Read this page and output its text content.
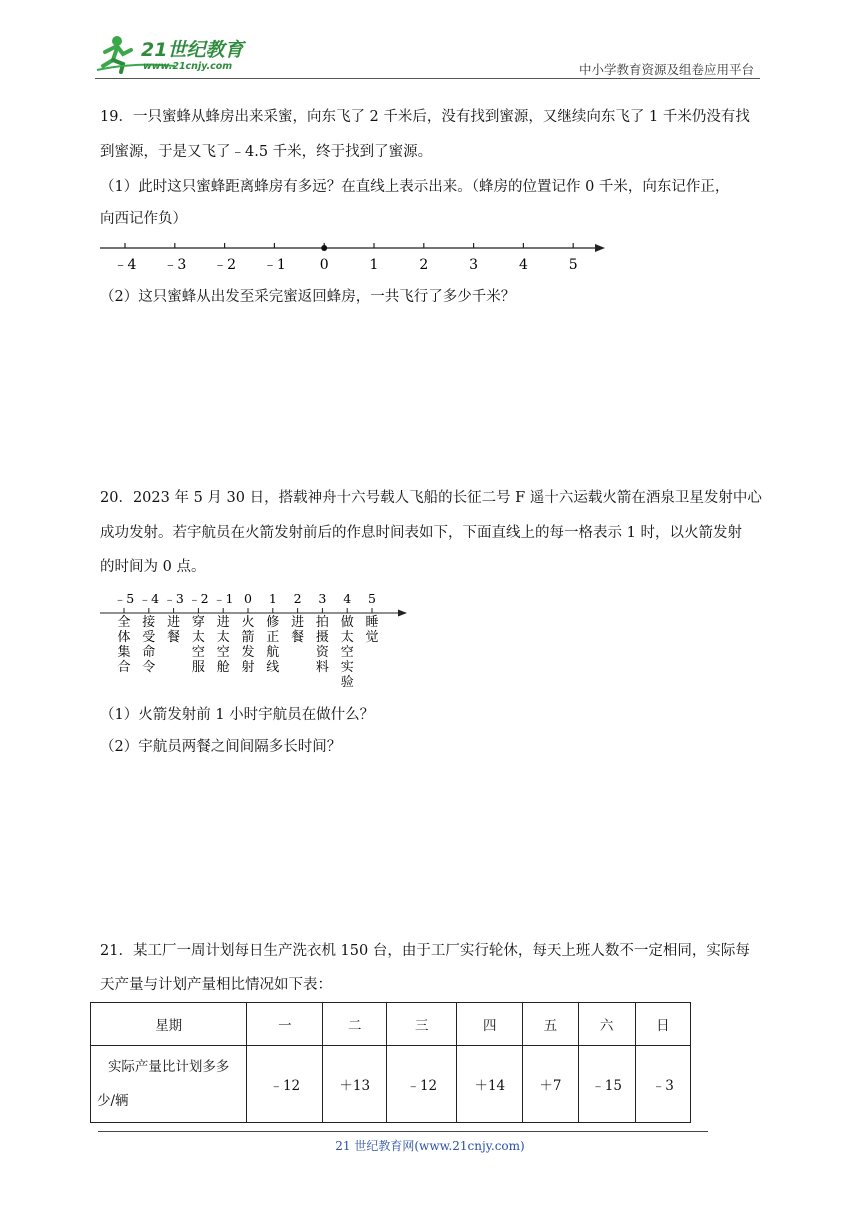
21世纪教育
www.21cnjy.com	中小学教育资源及组卷应用平台
19．一只蜜蜂从蜂房出来采蜜，向东飞了 2 千米后，没有找到蜜源，又继续向东飞了 1 千米仍没有找
到蜜源，于是又飞了﹣4.5 千米，终于找到了蜜源。
（1）此时这只蜜蜂距离蜂房有多远？在直线上表示出来。（蜂房的位置记作 0 千米，向东记作正，
向西记作负）
﹣4 ﹣3 ﹣2 ﹣1 0	1	2	3	4	5
（2）这只蜜蜂从出发至采完蜜返回蜂房，一共飞行了多少千米？
20．2023 年 5 月 30 日，搭载神舟十六号载人飞船的长征二号 F 遥十六运载火箭在酒泉卫星发射中心
成功发射。若宇航员在火箭发射前后的作息时间表如下，下面直线上的每一格表示 1 时，以火箭发射
的时间为 0 点。
﹣5
全
体
集
合
﹣4
接
受
命
令
﹣3
进
餐
﹣2
穿
太
空
服
﹣1
进
太
空
舱
0
火
箭
发
射
1
修
正
航
线
2
进
餐
3
拍
摄
资
料
4
做
太
空
实
验
5
睡
觉
（1）火箭发射前 1 小时宇航员在做什么？
（2）宇航员两餐之间间隔多长时间？
21．某工厂一周计划每日生产洗衣机 150 台，由于工厂实行轮休，每天上班人数不一定相同，实际每
天产量与计划产量相比情况如下表：
星期	一	二	三	四	五	六	日

实际产量比计划多多
少/辆	﹣12	＋13	﹣12	＋14	＋7	﹣15	﹣3
21 世纪教育网(www.21cnjy.com)
